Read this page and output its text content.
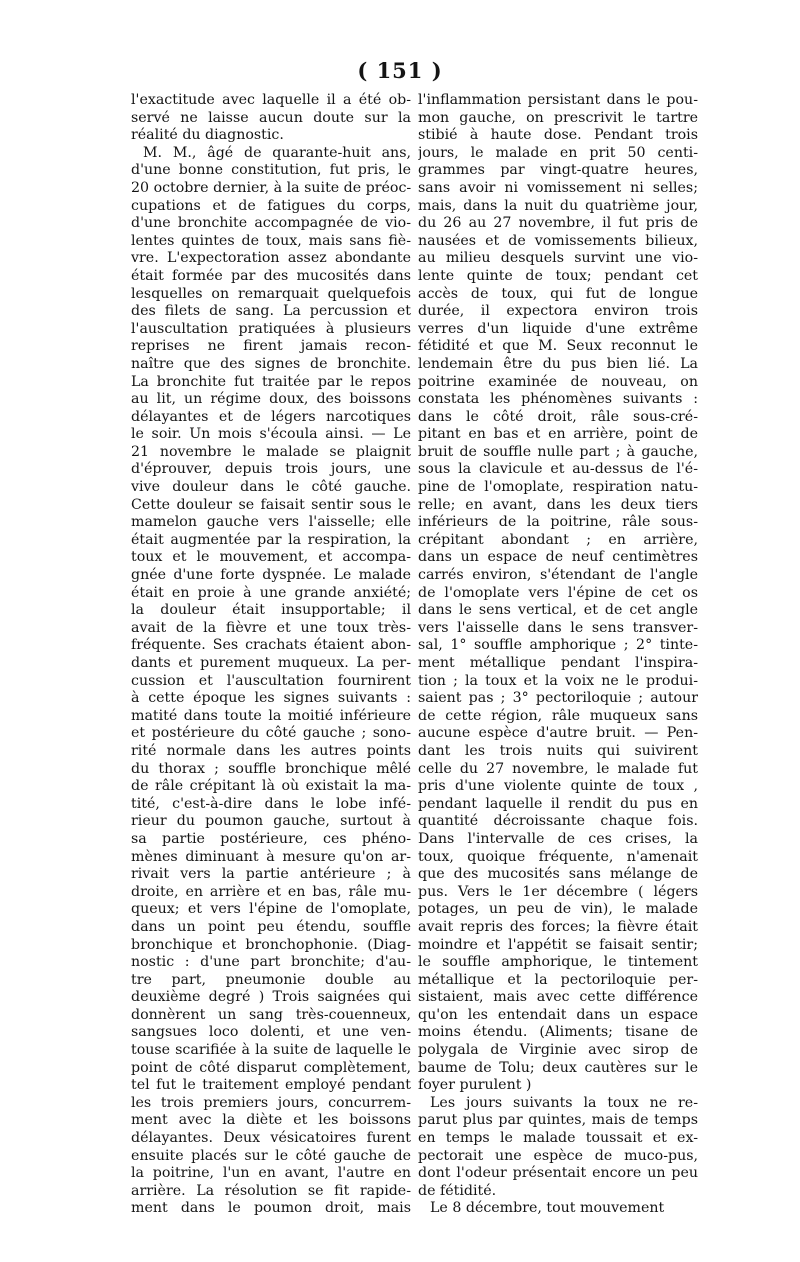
( 151 )
l'exactitude avec laquelle il a été ob-
servé ne laisse aucun doute sur la
réalité du diagnostic.
M. M., âgé de quarante-huit ans,
d'une bonne constitution, fut pris, le
20 octobre dernier, à la suite de préoc-
cupations et de fatigues du corps,
d'une bronchite accompagnée de vio-
lentes quintes de toux, mais sans fiè-
vre. L'expectoration assez abondante
était formée par des mucosités dans
lesquelles on remarquait quelquefois
des filets de sang. La percussion et
l'auscultation pratiquées à plusieurs
reprises ne firent jamais recon-
naître que des signes de bronchite.
La bronchite fut traitée par le repos
au lit, un régime doux, des boissons
délayantes et de légers narcotiques
le soir. Un mois s'écoula ainsi. — Le
21 novembre le malade se plaignit
d'éprouver, depuis trois jours, une
vive douleur dans le côté gauche.
Cette douleur se faisait sentir sous le
mamelon gauche vers l'aisselle; elle
était augmentée par la respiration, la
toux et le mouvement, et accompa-
gnée d'une forte dyspnée. Le malade
était en proie à une grande anxiété;
la douleur était insupportable; il
avait de la fièvre et une toux très-
fréquente. Ses crachats étaient abon-
dants et purement muqueux. La per-
cussion et l'auscultation fournirent
à cette époque les signes suivants :
matité dans toute la moitié inférieure
et postérieure du côté gauche ; sono-
rité normale dans les autres points
du thorax ; souffle bronchique mêlé
de râle crépitant là où existait la ma-
tité, c'est-à-dire dans le lobe infé-
rieur du poumon gauche, surtout à
sa partie postérieure, ces phéno-
mènes diminuant à mesure qu'on ar-
rivait vers la partie antérieure ; à
droite, en arrière et en bas, râle mu-
queux; et vers l'épine de l'omoplate,
dans un point peu étendu, souffle
bronchique et bronchophonie. (Diag-
nostic : d'une part bronchite; d'au-
tre part, pneumonie double au
deuxième degré ) Trois saignées qui
donnèrent un sang très-couenneux,
sangsues loco dolenti, et une ven-
touse scarifiée à la suite de laquelle le
point de côté disparut complètement,
tel fut le traitement employé pendant
les trois premiers jours, concurrem-
ment avec la diète et les boissons
délayantes. Deux vésicatoires furent
ensuite placés sur le côté gauche de
la poitrine, l'un en avant, l'autre en
arrière. La résolution se fit rapide-
ment dans le poumon droit, mais
l'inflammation persistant dans le pou-
mon gauche, on prescrivit le tartre
stibié à haute dose. Pendant trois
jours, le malade en prit 50 centi-
grammes par vingt-quatre heures,
sans avoir ni vomissement ni selles;
mais, dans la nuit du quatrième jour,
du 26 au 27 novembre, il fut pris de
nausées et de vomissements bilieux,
au milieu desquels survint une vio-
lente quinte de toux; pendant cet
accès de toux, qui fut de longue
durée, il expectora environ trois
verres d'un liquide d'une extrême
fétidité et que M. Seux reconnut le
lendemain être du pus bien lié. La
poitrine examinée de nouveau, on
constata les phénomènes suivants :
dans le côté droit, râle sous-cré-
pitant en bas et en arrière, point de
bruit de souffle nulle part ; à gauche,
sous la clavicule et au-dessus de l'é-
pine de l'omoplate, respiration natu-
relle; en avant, dans les deux tiers
inférieurs de la poitrine, râle sous-
crépitant abondant ; en arrière,
dans un espace de neuf centimètres
carrés environ, s'étendant de l'angle
de l'omoplate vers l'épine de cet os
dans le sens vertical, et de cet angle
vers l'aisselle dans le sens transver-
sal, 1° souffle amphorique ; 2° tinte-
ment métallique pendant l'inspira-
tion ; la toux et la voix ne le produi-
saient pas ; 3° pectoriloquie ; autour
de cette région, râle muqueux sans
aucune espèce d'autre bruit. — Pen-
dant les trois nuits qui suivirent
celle du 27 novembre, le malade fut
pris d'une violente quinte de toux ,
pendant laquelle il rendit du pus en
quantité décroissante chaque fois.
Dans l'intervalle de ces crises, la
toux, quoique fréquente, n'amenait
que des mucosités sans mélange de
pus. Vers le 1er décembre ( légers
potages, un peu de vin), le malade
avait repris des forces; la fièvre était
moindre et l'appétit se faisait sentir;
le souffle amphorique, le tintement
métallique et la pectoriloquie per-
sistaient, mais avec cette différence
qu'on les entendait dans un espace
moins étendu. (Aliments; tisane de
polygala de Virginie avec sirop de
baume de Tolu; deux cautères sur le
foyer purulent )
Les jours suivants la toux ne re-
parut plus par quintes, mais de temps
en temps le malade toussait et ex-
pectorait une espèce de muco-pus,
dont l'odeur présentait encore un peu
de fétidité.
Le 8 décembre, tout mouvement
